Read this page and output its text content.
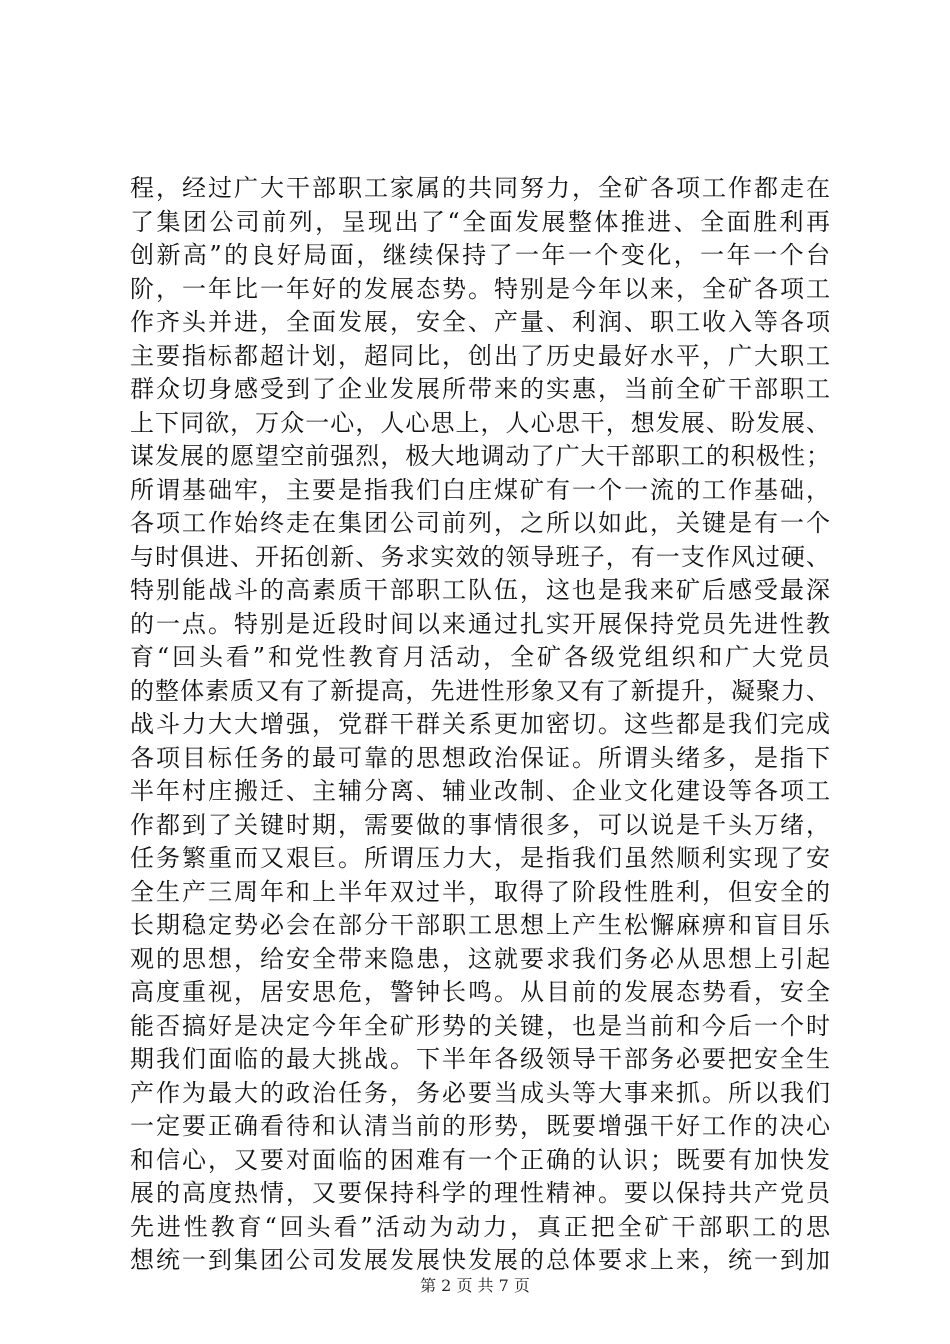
程，经过广大干部职工家属的共同努力，全矿各项工作都走在
了集团公司前列，呈现出了“全面发展整体推进、全面胜利再
创新高”的良好局面，继续保持了一年一个变化，一年一个台
阶，一年比一年好的发展态势。特别是今年以来，全矿各项工
作齐头并进，全面发展，安全、产量、利润、职工收入等各项
主要指标都超计划，超同比，创出了历史最好水平，广大职工
群众切身感受到了企业发展所带来的实惠，当前全矿干部职工
上下同欲，万众一心，人心思上，人心思干，想发展、盼发展、
谋发展的愿望空前强烈，极大地调动了广大干部职工的积极性；
所谓基础牢，主要是指我们白庄煤矿有一个一流的工作基础，
各项工作始终走在集团公司前列，之所以如此，关键是有一个
与时俱进、开拓创新、务求实效的领导班子，有一支作风过硬、
特别能战斗的高素质干部职工队伍，这也是我来矿后感受最深
的一点。特别是近段时间以来通过扎实开展保持党员先进性教
育“回头看”和党性教育月活动，全矿各级党组织和广大党员
的整体素质又有了新提高，先进性形象又有了新提升，凝聚力、
战斗力大大增强，党群干群关系更加密切。这些都是我们完成
各项目标任务的最可靠的思想政治保证。所谓头绪多，是指下
半年村庄搬迁、主辅分离、辅业改制、企业文化建设等各项工
作都到了关键时期，需要做的事情很多，可以说是千头万绪，
任务繁重而又艰巨。所谓压力大，是指我们虽然顺利实现了安
全生产三周年和上半年双过半，取得了阶段性胜利，但安全的
长期稳定势必会在部分干部职工思想上产生松懈麻痹和盲目乐
观的思想，给安全带来隐患，这就要求我们务必从思想上引起
高度重视，居安思危，警钟长鸣。从目前的发展态势看，安全
能否搞好是决定今年全矿形势的关键，也是当前和今后一个时
期我们面临的最大挑战。下半年各级领导干部务必要把安全生
产作为最大的政治任务，务必要当成头等大事来抓。所以我们
一定要正确看待和认清当前的形势，既要增强干好工作的决心
和信心，又要对面临的困难有一个正确的认识；既要有加快发
展的高度热情，又要保持科学的理性精神。要以保持共产党员
先进性教育“回头看”活动为动力，真正把全矿干部职工的思
想统一到集团公司发展发展快发展的总体要求上来，统一到加
第 2 页 共 7 页
